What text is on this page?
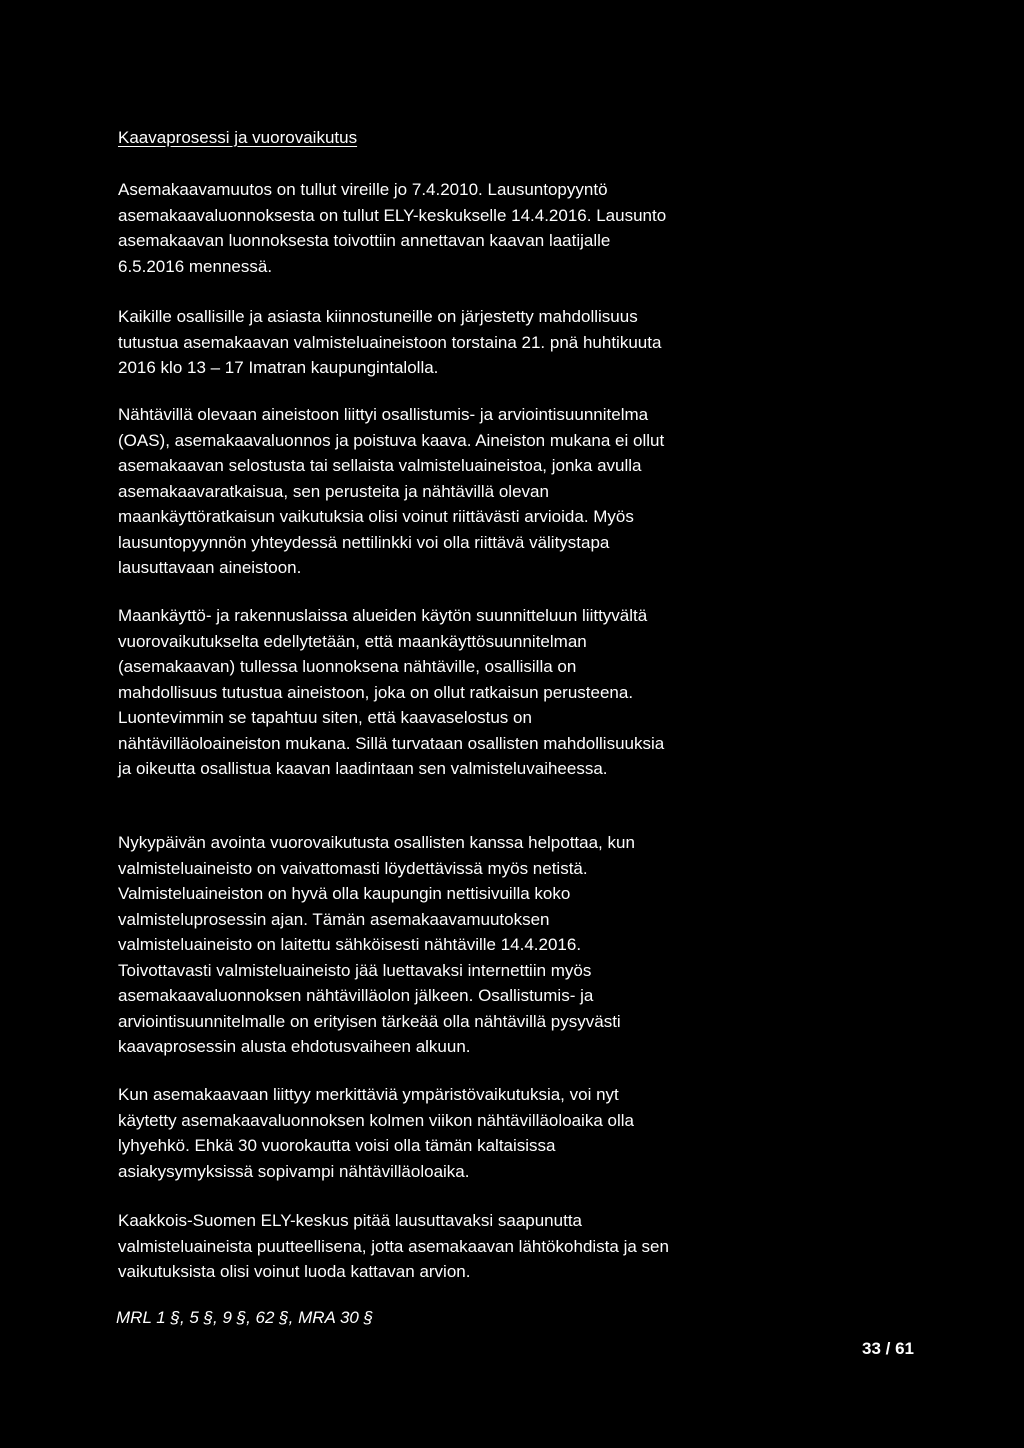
Kaavaprosessi ja vuorovaikutus

Asemakaavamuutos on tullut vireille jo 7.4.2010. Lausuntopyyntö
asemakaavaluonnoksesta on tullut ELY-keskukselle 14.4.2016. Lausunto
asemakaavan luonnoksesta toivottiin annettavan kaavan laatijalle
6.5.2016 mennessä.

Kaikille osallisille ja asiasta kiinnostuneille on järjestetty mahdollisuus
tutustua asemakaavan valmisteluaineistoon torstaina 21. pnä huhtikuuta
2016 klo 13 – 17 Imatran kaupungintalolla.

Nähtävillä olevaan aineistoon liittyi osallistumis- ja arviointisuunnitelma
(OAS), asemakaavaluonnos ja poistuva kaava. Aineiston mukana ei ollut
asemakaavan selostusta tai sellaista valmisteluaineistoa, jonka avulla
asemakaavaratkaisua, sen perusteita ja nähtävillä olevan
maankäyttöratkaisun vaikutuksia olisi voinut riittävästi arvioida. Myös
lausuntopyynnön yhteydessä nettilinkki voi olla riittävä välitystapa
lausuttavaan aineistoon.

Maankäyttö- ja rakennuslaissa alueiden käytön suunnitteluun liittyvältä
vuorovaikutukselta edellytetään, että maankäyttösuunnitelman
(asemakaavan) tullessa luonnoksena nähtäville, osallisilla on
mahdollisuus tutustua aineistoon, joka on ollut ratkaisun perusteena.
Luontevimmin se tapahtuu siten, että kaavaselostus on
nähtävilläoloaineiston mukana. Sillä turvataan osallisten mahdollisuuksia
ja oikeutta osallistua kaavan laadintaan sen valmisteluvaiheessa.

Nykypäivän avointa vuorovaikutusta osallisten kanssa helpottaa, kun
valmisteluaineisto on vaivattomasti löydettävissä myös netistä.
Valmisteluaineiston on hyvä olla kaupungin nettisivuilla koko
valmisteluprosessin ajan. Tämän asemakaavamuutoksen
valmisteluaineisto on laitettu sähköisesti nähtäville 14.4.2016.
Toivottavasti valmisteluaineisto jää luettavaksi internettiin myös
asemakaavaluonnoksen nähtävilläolon jälkeen. Osallistumis- ja
arviointisuunnitelmalle on erityisen tärkeää olla nähtävillä pysyvästi
kaavaprosessin alusta ehdotusvaiheen alkuun.

Kun asemakaavaan liittyy merkittäviä ympäristövaikutuksia, voi nyt
käytetty asemakaavaluonnoksen kolmen viikon nähtävilläoloaika olla
lyhyehkö. Ehkä 30 vuorokautta voisi olla tämän kaltaisissa
asiakysymyksissä sopivampi nähtävilläoloaika.

Kaakkois-Suomen ELY-keskus pitää lausuttavaksi saapunutta
valmisteluaineista puutteellisena, jotta asemakaavan lähtökohdista ja sen
vaikutuksista olisi voinut luoda kattavan arvion.

MRL 1 §, 5 §, 9 §, 62 §, MRA 30 §

33 / 61
